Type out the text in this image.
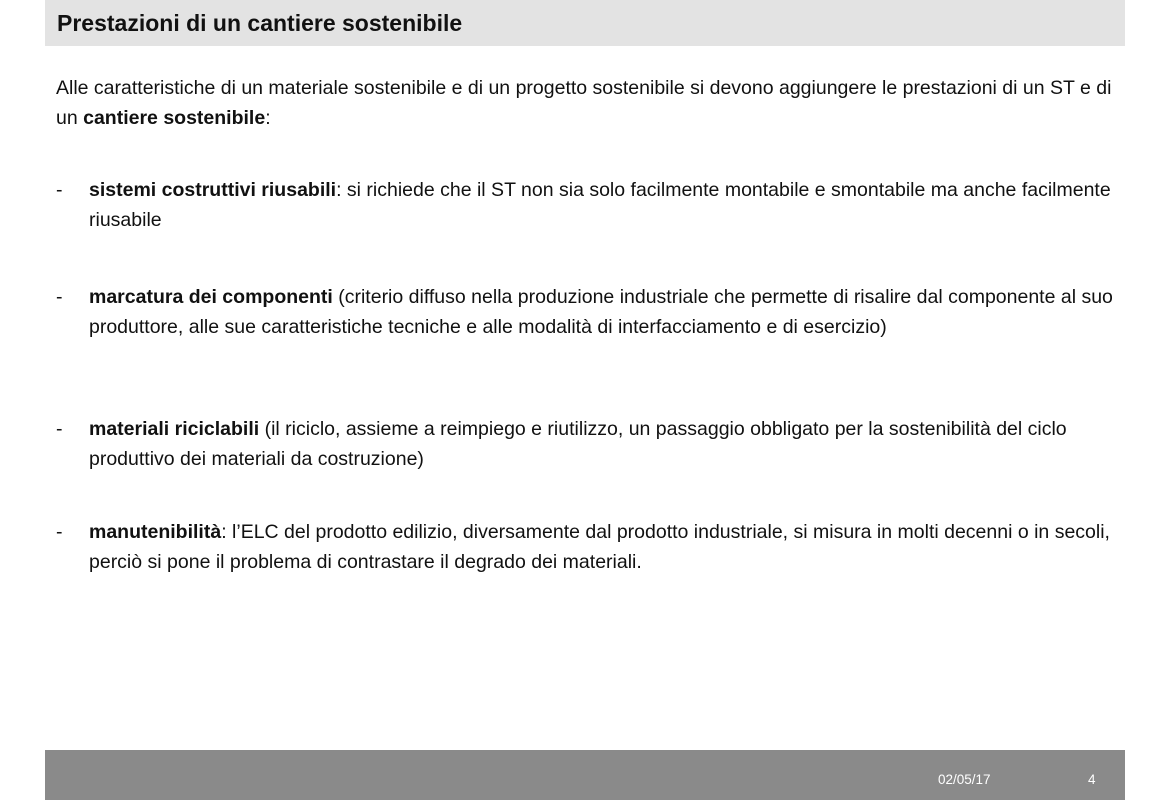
Prestazioni di un cantiere sostenibile
Alle caratteristiche di un materiale sostenibile e di un progetto sostenibile si devono aggiungere le prestazioni di un ST e di un cantiere sostenibile:
-	sistemi costruttivi riusabili: si richiede che il ST non sia solo facilmente montabile e smontabile ma anche facilmente riusabile
-	marcatura dei componenti (criterio diffuso nella produzione industriale che permette di risalire dal componente al suo produttore, alle sue caratteristiche tecniche e alle modalità di interfacciamento e di esercizio)
-	materiali riciclabili (il riciclo, assieme a reimpiego e riutilizzo, un passaggio obbligato per la sostenibilità del ciclo produttivo dei materiali da costruzione)
-	manutenibilità: l’ELC del prodotto edilizio, diversamente dal prodotto industriale, si misura in molti decenni o in secoli, perciò si pone il problema di contrastare il degrado dei materiali.
02/05/17	4
